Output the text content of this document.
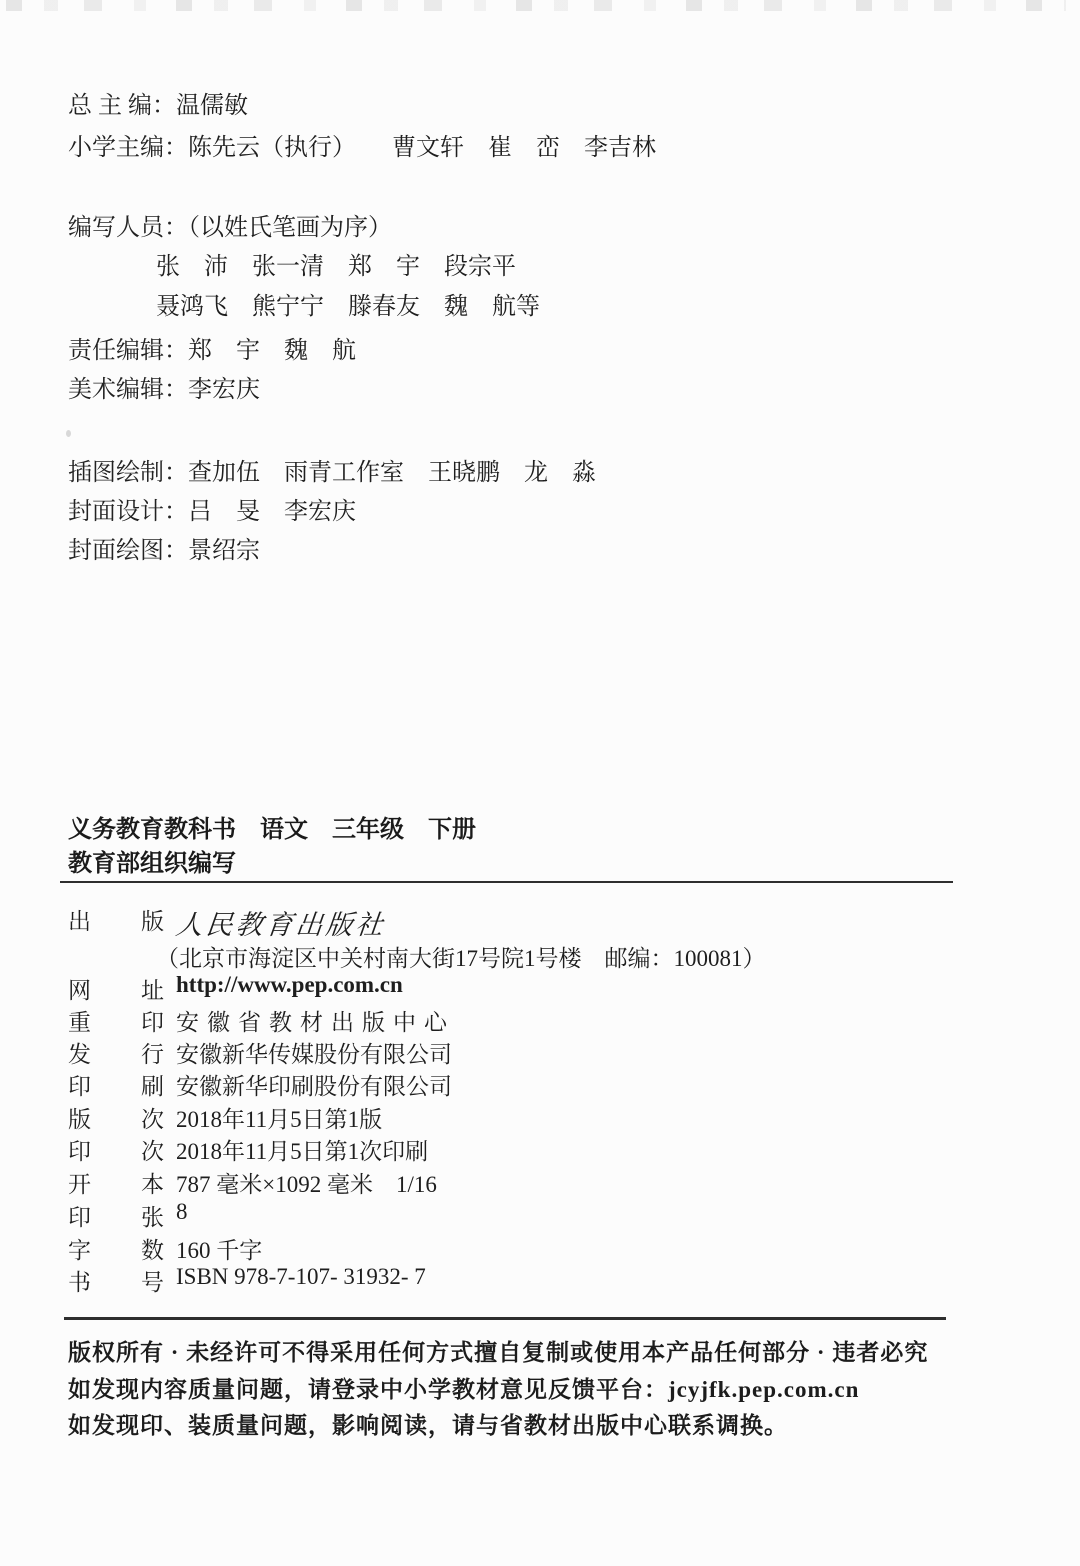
总 主 编：温儒敏
小学主编：陈先云（执行）　　曹文轩　崔　峦　李吉林
编写人员：（以姓氏笔画为序）
张　沛　张一清　郑　宇　段宗平
聂鸿飞　熊宁宁　滕春友　魏　航等
责任编辑：郑　宇　魏　航
美术编辑：李宏庆
插图绘制：查加伍　雨青工作室　王晓鹏　龙　淼
封面设计：吕　旻　李宏庆
封面绘图：景绍宗
义务教育教科书　语文　三年级　下册
教育部组织编写
出　版 人民教育出版社
（北京市海淀区中关村南大街17号院1号楼　邮编：100081）
网　址 http://www.pep.com.cn
重　印 安徽省教材出版中心
发　行 安徽新华传媒股份有限公司
印　刷 安徽新华印刷股份有限公司
版　次 2018年11月5日第1版
印　次 2018年11月5日第1次印刷
开　本 787 毫米×1092 毫米　1/16
印　张 8
字　数 160 千字
书　号 ISBN 978-7-107- 31932- 7
版权所有 · 未经许可不得采用任何方式擅自复制或使用本产品任何部分 · 违者必究
如发现内容质量问题，请登录中小学教材意见反馈平台：jcyjfk.pep.com.cn
如发现印、装质量问题，影响阅读，请与省教材出版中心联系调换。
